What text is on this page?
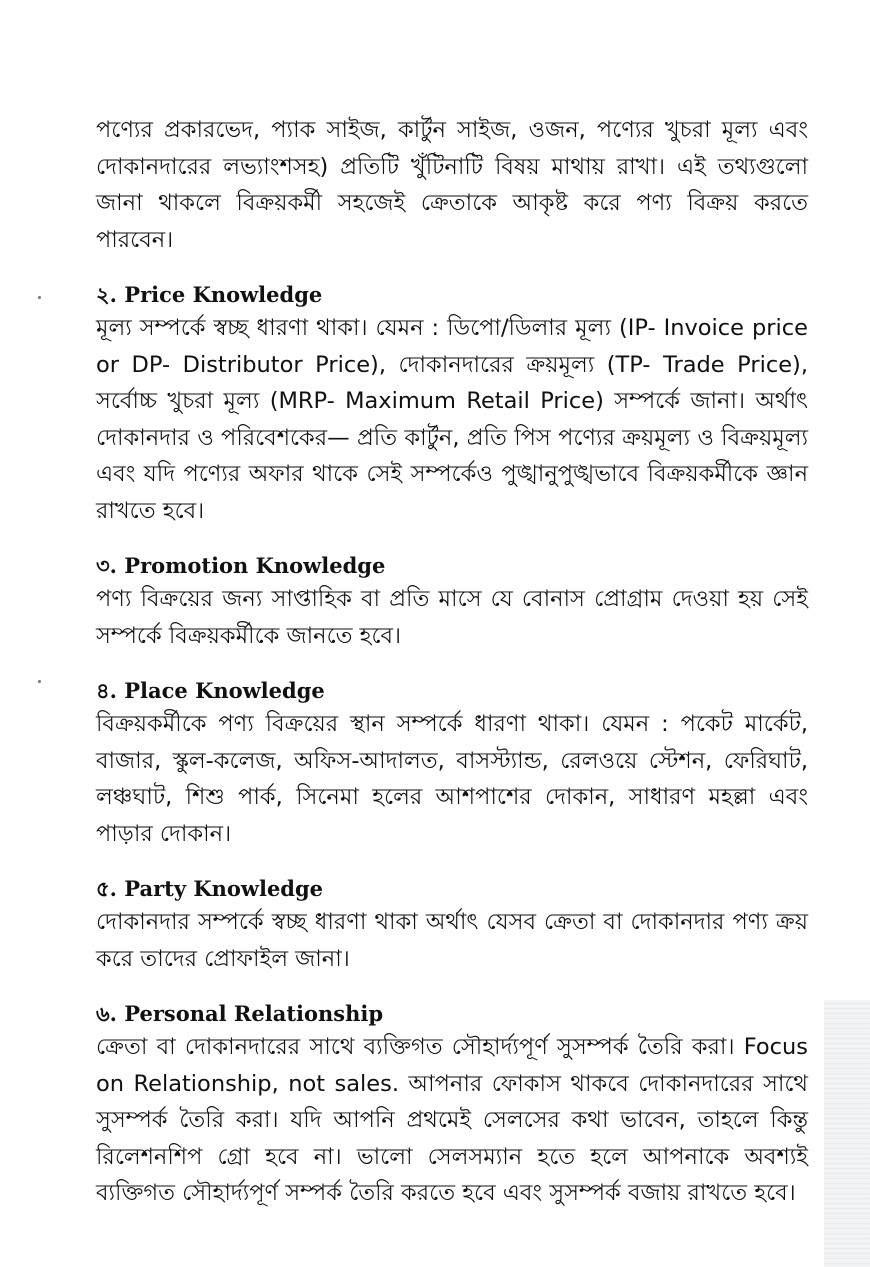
পণ্যের প্রকারভেদ, প্যাক সাইজ, কার্টুন সাইজ, ওজন, পণ্যের খুচরা মূল্য এবং দোকানদারের লভ্যাংশসহ) প্রতিটি খুঁটিনাটি বিষয় মাথায় রাখা। এই তথ্যগুলো জানা থাকলে বিক্রয়কর্মী সহজেই ক্রেতাকে আকৃষ্ট করে পণ্য বিক্রয় করতে পারবেন।

২. Price Knowledge

মূল্য সম্পর্কে স্বচ্ছ ধারণা থাকা। যেমন : ডিপো/ডিলার মূল্য (IP- Invoice price or DP- Distributor Price), দোকানদারের ক্রয়মূল্য (TP- Trade Price), সর্বোচ্চ খুচরা মূল্য (MRP- Maximum Retail Price) সম্পর্কে জানা। অর্থাৎ দোকানদার ও পরিবেশকের— প্রতি কার্টুন, প্রতি পিস পণ্যের ক্রয়মূল্য ও বিক্রয়মূল্য এবং যদি পণ্যের অফার থাকে সেই সম্পর্কেও পুঙ্খানুপুঙ্খভাবে বিক্রয়কর্মীকে জ্ঞান রাখতে হবে।

৩. Promotion Knowledge

পণ্য বিক্রয়ের জন্য সাপ্তাহিক বা প্রতি মাসে যে বোনাস প্রোগ্রাম দেওয়া হয় সেই সম্পর্কে বিক্রয়কর্মীকে জানতে হবে।

৪. Place Knowledge

বিক্রয়কর্মীকে পণ্য বিক্রয়ের স্থান সম্পর্কে ধারণা থাকা। যেমন : পকেট মার্কেট, বাজার, স্কুল-কলেজ, অফিস-আদালত, বাসস্ট্যান্ড, রেলওয়ে স্টেশন, ফেরিঘাট, লঞ্চঘাট, শিশু পার্ক, সিনেমা হলের আশপাশের দোকান, সাধারণ মহল্লা এবং পাড়ার দোকান।

৫. Party Knowledge

দোকানদার সম্পর্কে স্বচ্ছ ধারণা থাকা অর্থাৎ যেসব ক্রেতা বা দোকানদার পণ্য ক্রয় করে তাদের প্রোফাইল জানা।

৬. Personal Relationship

ক্রেতা বা দোকানদারের সাথে ব্যক্তিগত সৌহার্দ্যপূর্ণ সুসম্পর্ক তৈরি করা। Focus on Relationship, not sales. আপনার ফোকাস থাকবে দোকানদারের সাথে সুসম্পর্ক তৈরি করা। যদি আপনি প্রথমেই সেলসের কথা ভাবেন, তাহলে কিন্তু রিলেশনশিপ গ্রো হবে না। ভালো সেলসম্যান হতে হলে আপনাকে অবশ্যই ব্যক্তিগত সৌহার্দ্যপূর্ণ সম্পর্ক তৈরি করতে হবে এবং সুসম্পর্ক বজায় রাখতে হবে।
